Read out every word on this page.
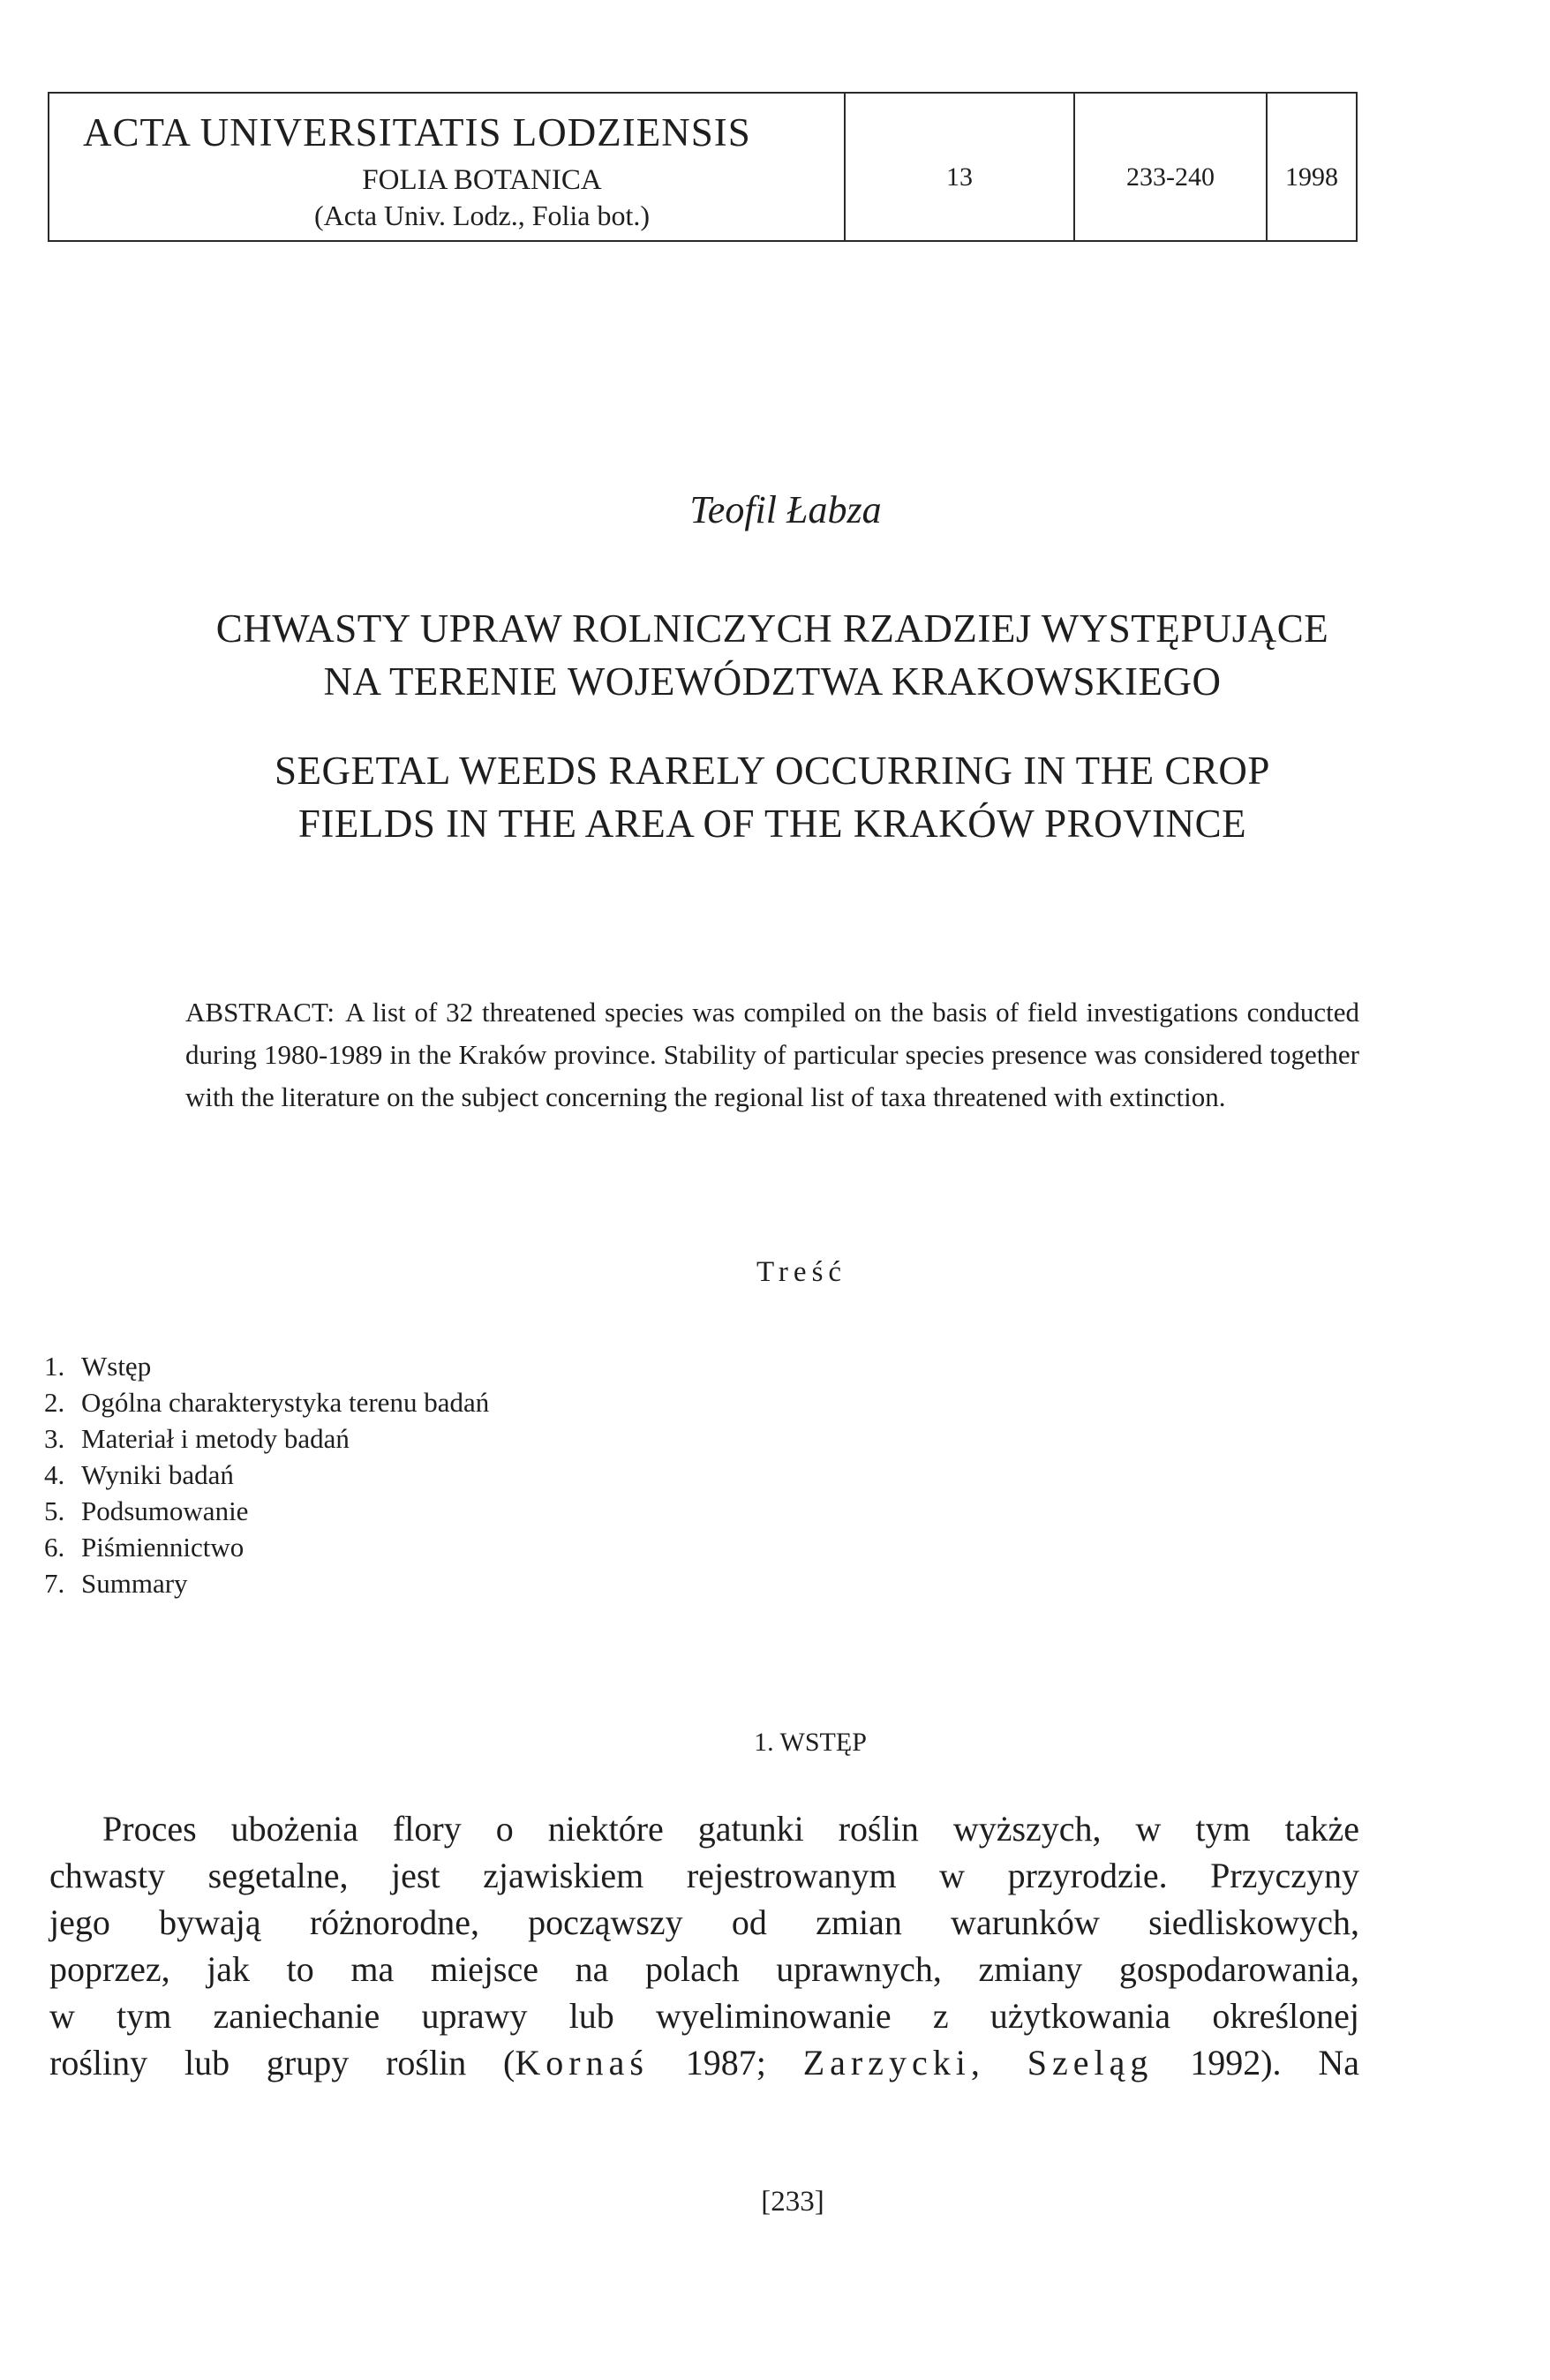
ACTA UNIVERSITATIS LODZIENSIS
FOLIA BOTANICA
(Acta Univ. Lodz., Folia bot.)
13	233-240	1998
Teofil Łabza
CHWASTY UPRAW ROLNICZYCH RZADZIEJ WYSTĘPUJĄCE
NA TERENIE WOJEWÓDZTWA KRAKOWSKIEGO
SEGETAL WEEDS RARELY OCCURRING IN THE CROP
FIELDS IN THE AREA OF THE KRAKÓW PROVINCE
ABSTRACT: A list of 32 threatened species was compiled on the basis of field investigations conducted during 1980-1989 in the Kraków province. Stability of particular species presence was considered together with the literature on the subject concerning the regional list of taxa threatened with extinction.
Treść
1. Wstęp
2. Ogólna charakterystyka terenu badań
3. Materiał i metody badań
4. Wyniki badań
5. Podsumowanie
6. Piśmiennictwo
7. Summary
1. WSTĘP
Proces ubożenia flory o niektóre gatunki roślin wyższych, w tym także
chwasty segetalne, jest zjawiskiem rejestrowanym w przyrodzie. Przyczyny
jego bywają różnorodne, począwszy od zmian warunków siedliskowych,
poprzez, jak to ma miejsce na polach uprawnych, zmiany gospodarowania,
w tym zaniechanie uprawy lub wyeliminowanie z użytkowania określonej
rośliny lub grupy roślin (Kornaś 1987; Zarzycki, Szeląg 1992). Na
[233]
